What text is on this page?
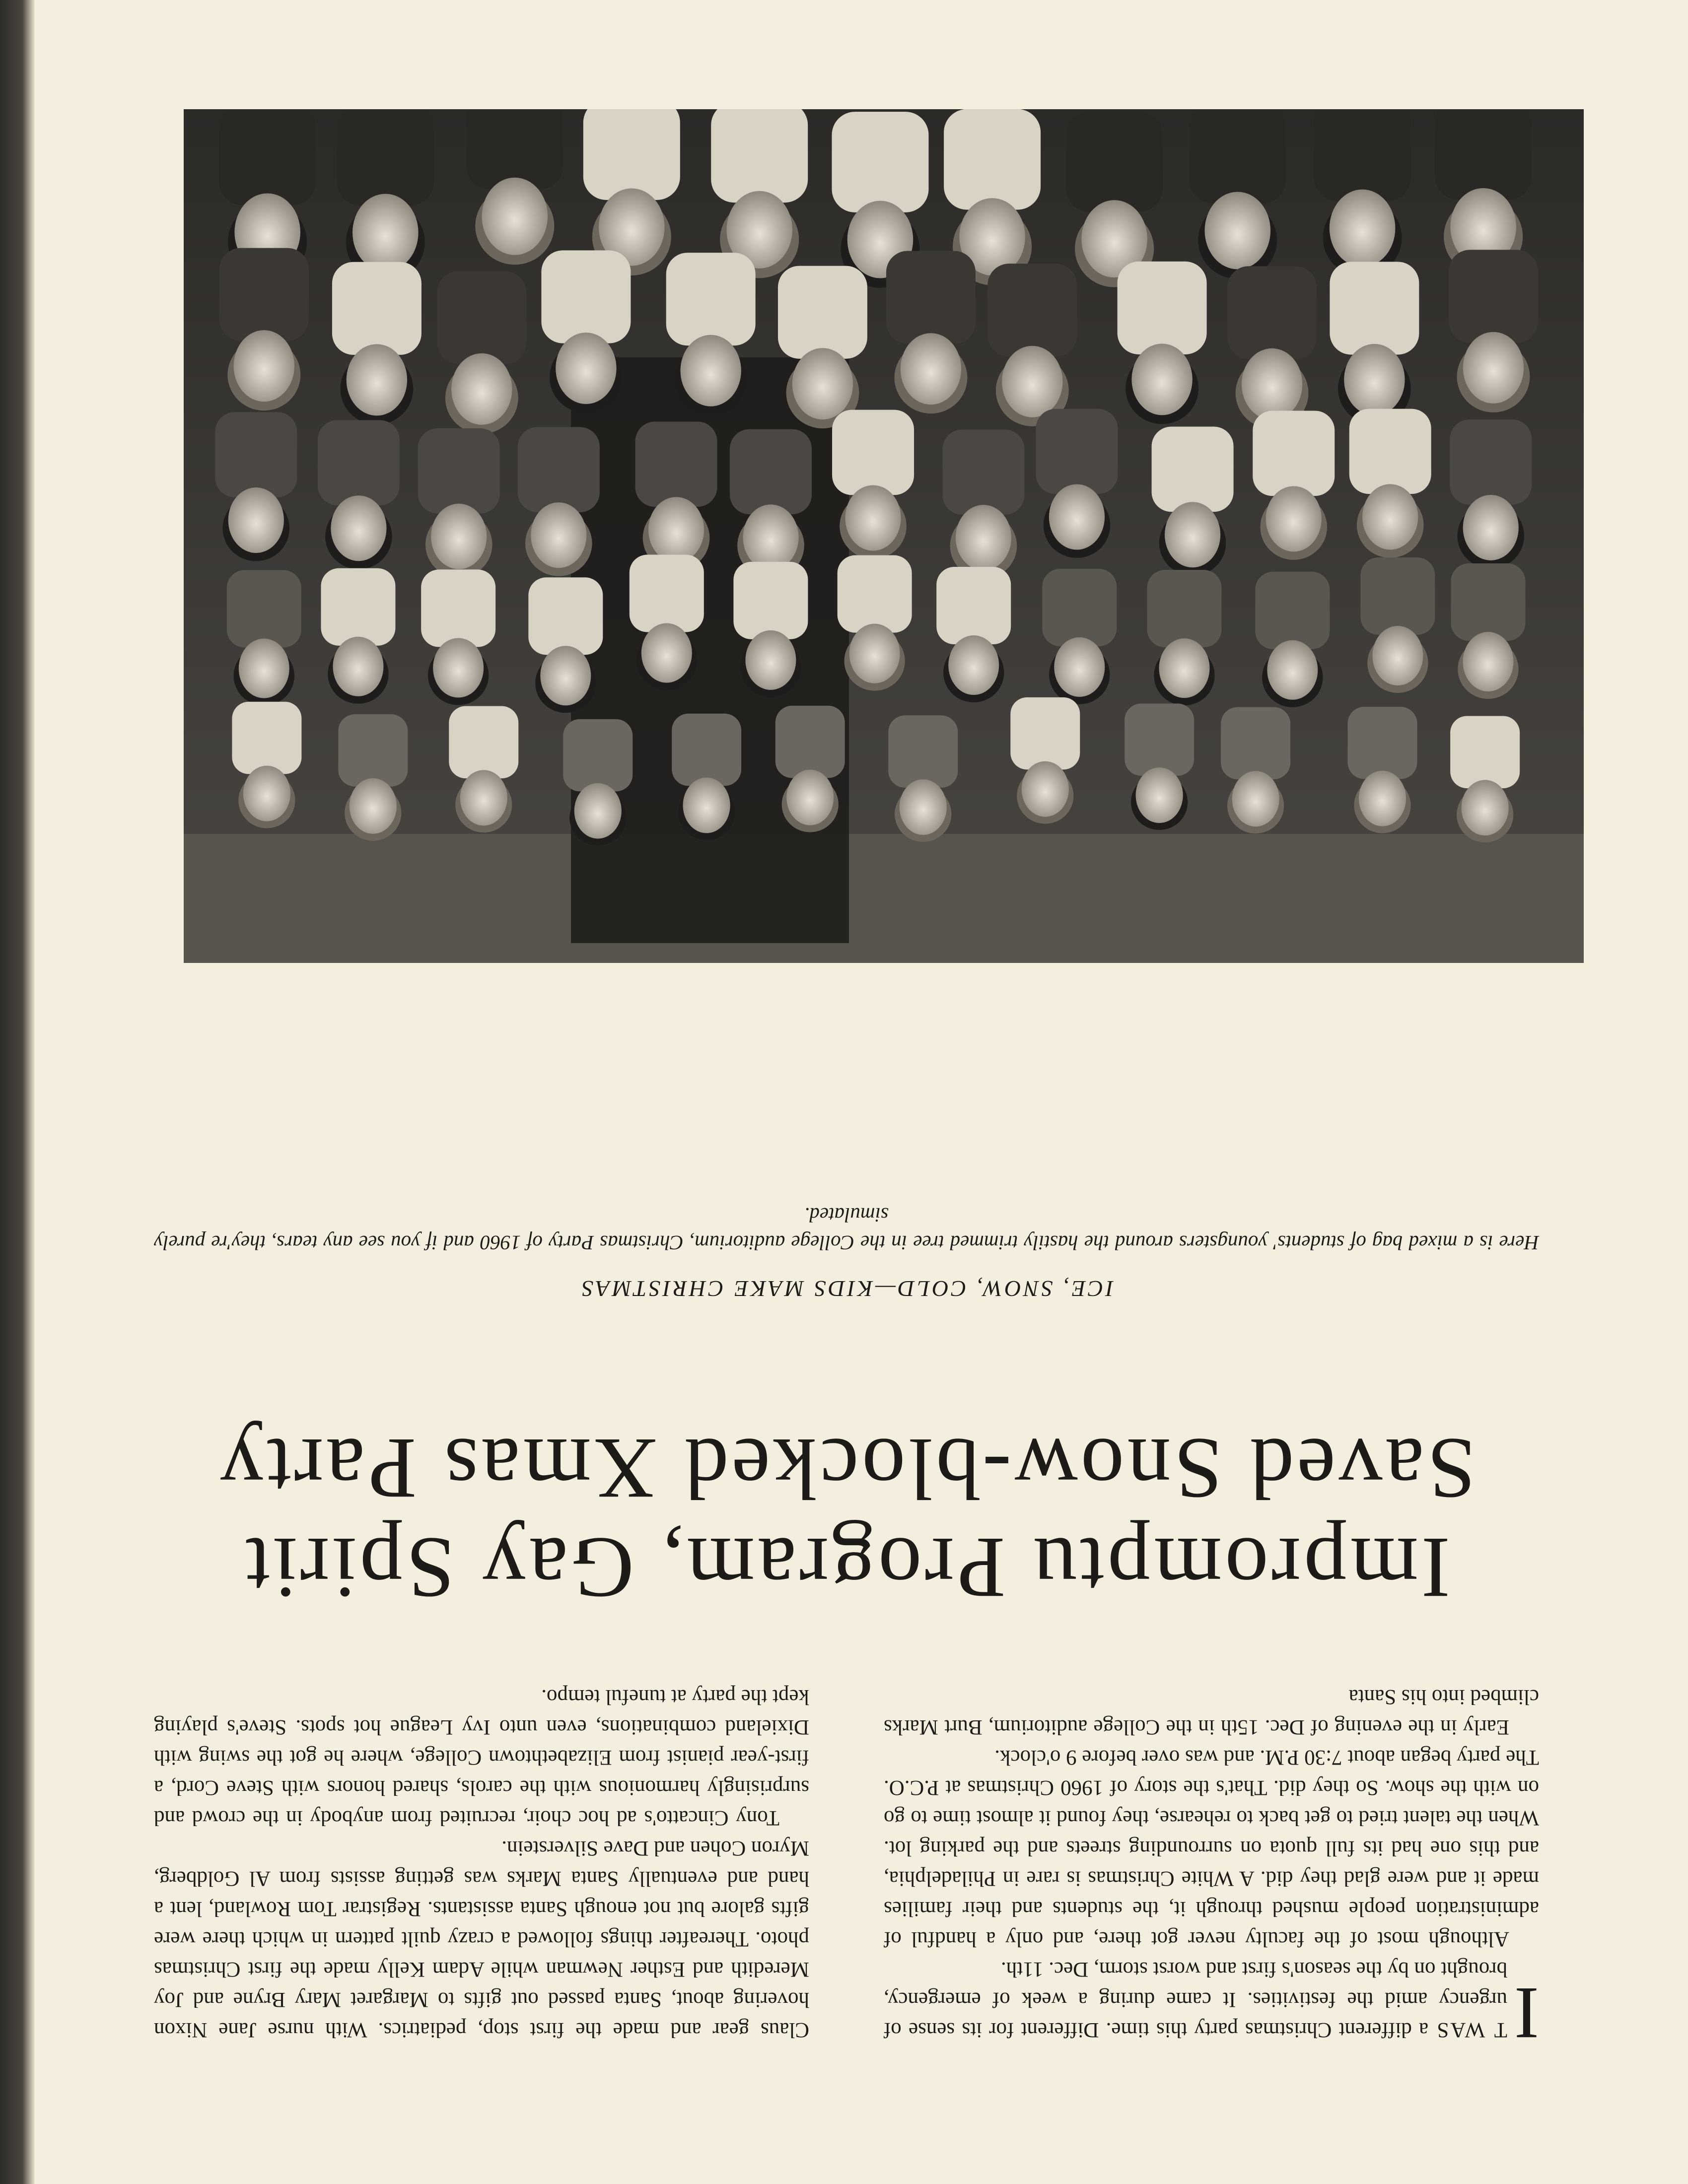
I
T WAS a different Christmas party this time. Different for its sense of urgency amid the festivities. It came during a week of emergency, brought on by the season's first and worst storm, Dec. 11th.

Although most of the faculty never got there, and only a handful of administration people mushed through it, the students and their families made it and were glad they did. A White Christmas is rare in Philadelphia, and this one had its full quota on surrounding streets and the parking lot. When the talent tried to get back to rehearse, they found it almost time to go on with the show. So they did. That's the story of 1960 Christmas at P.C.O. The party began about 7:30 P.M. and was over before 9 o'clock.

Early in the evening of Dec. 15th in the College auditorium, Burt Marks climbed into his Santa

Claus gear and made the first stop, pediatrics. With nurse Jane Nixon hovering about, Santa passed out gifts to Margaret Mary Bryne and Joy Meredith and Esther Newman while Adam Kelly made the first Christmas photo. Thereafter things followed a crazy quilt pattern in which there were gifts galore but not enough Santa assistants. Registrar Tom Rowland, lent a hand and eventually Santa Marks was getting assists from Al Goldberg, Myron Cohen and Dave Silverstein.

Tony Cincatto's ad hoc choir, recruited from anybody in the crowd and surprisingly harmonious with the carols, shared honors with Steve Cord, a first-year pianist from Elizabethtown College, where he got the swing with Dixieland combinations, even unto Ivy League hot spots. Steve's playing kept the party at tuneful tempo.

Impromptu Program, Gay Spirit
Saved Snow-blocked Xmas Party
ICE, SNOW, COLD—KIDS MAKE CHRISTMAS
Here is a mixed bag of students' youngsters around the hastily trimmed tree in the College auditorium, Christmas Party of 1960 and if you see any tears, they're purely simulated.
